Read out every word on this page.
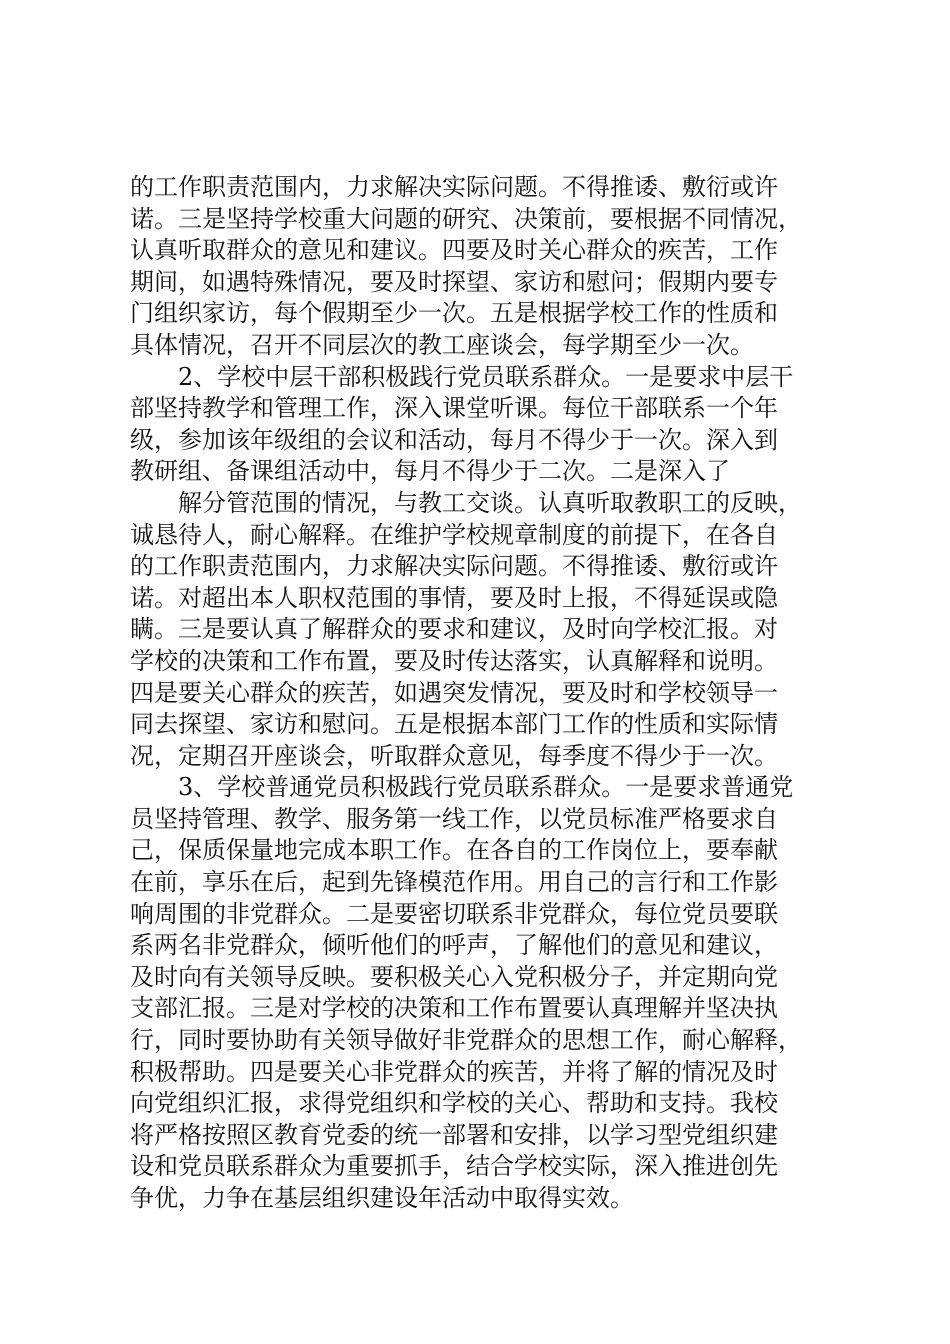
的工作职责范围内，力求解决实际问题。不得推诿、敷衍或许
诺。三是坚持学校重大问题的研究、决策前，要根据不同情况，
认真听取群众的意见和建议。四要及时关心群众的疾苦，工作
期间，如遇特殊情况，要及时探望、家访和慰问；假期内要专
门组织家访，每个假期至少一次。五是根据学校工作的性质和
具体情况，召开不同层次的教工座谈会，每学期至少一次。
2、学校中层干部积极践行党员联系群众。一是要求中层干
部坚持教学和管理工作，深入课堂听课。每位干部联系一个年
级，参加该年级组的会议和活动，每月不得少于一次。深入到
教研组、备课组活动中，每月不得少于二次。二是深入了
解分管范围的情况，与教工交谈。认真听取教职工的反映，
诚恳待人，耐心解释。在维护学校规章制度的前提下，在各自
的工作职责范围内，力求解决实际问题。不得推诿、敷衍或许
诺。对超出本人职权范围的事情，要及时上报，不得延误或隐
瞒。三是要认真了解群众的要求和建议，及时向学校汇报。对
学校的决策和工作布置，要及时传达落实，认真解释和说明。
四是要关心群众的疾苦，如遇突发情况，要及时和学校领导一
同去探望、家访和慰问。五是根据本部门工作的性质和实际情
况，定期召开座谈会，听取群众意见，每季度不得少于一次。
3、学校普通党员积极践行党员联系群众。一是要求普通党
员坚持管理、教学、服务第一线工作，以党员标准严格要求自
己，保质保量地完成本职工作。在各自的工作岗位上，要奉献
在前，享乐在后，起到先锋模范作用。用自己的言行和工作影
响周围的非党群众。二是要密切联系非党群众，每位党员要联
系两名非党群众，倾听他们的呼声，了解他们的意见和建议，
及时向有关领导反映。要积极关心入党积极分子，并定期向党
支部汇报。三是对学校的决策和工作布置要认真理解并坚决执
行，同时要协助有关领导做好非党群众的思想工作，耐心解释，
积极帮助。四是要关心非党群众的疾苦，并将了解的情况及时
向党组织汇报，求得党组织和学校的关心、帮助和支持。我校
将严格按照区教育党委的统一部署和安排，以学习型党组织建
设和党员联系群众为重要抓手，结合学校实际，深入推进创先
争优，力争在基层组织建设年活动中取得实效。
